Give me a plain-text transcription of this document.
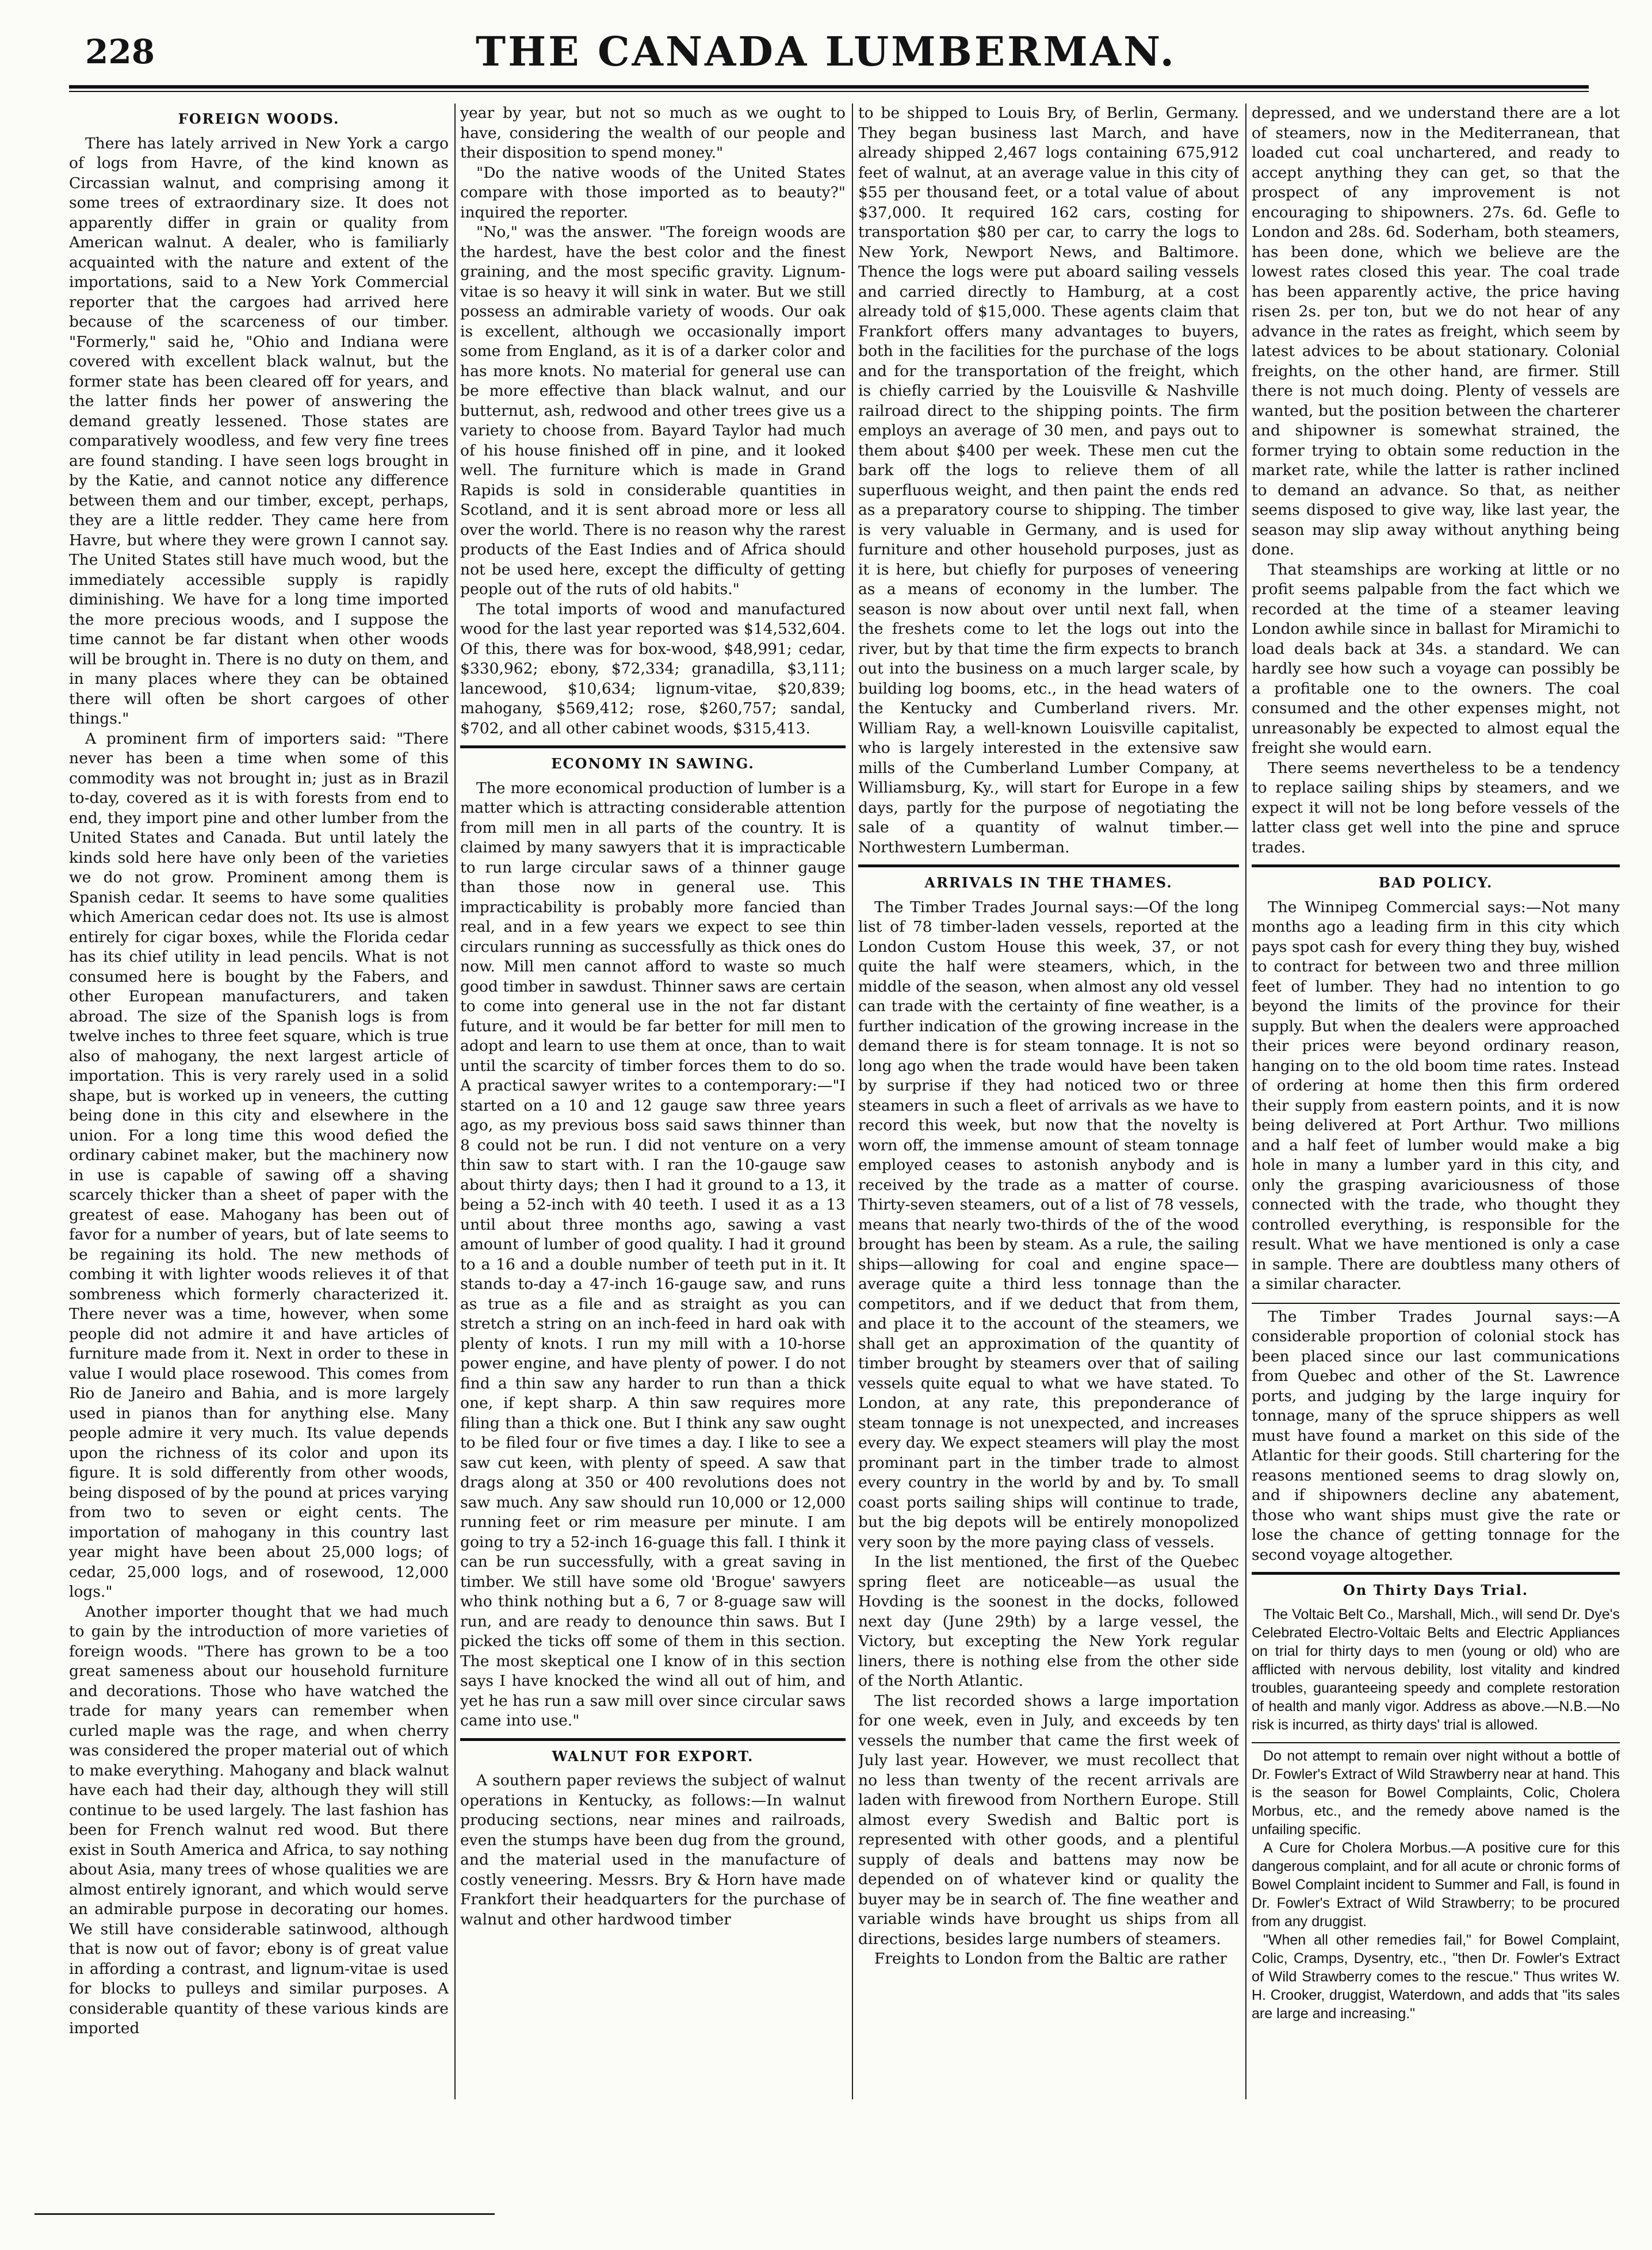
228	THE CANADA LUMBERMAN.
FOREIGN WOODS.

There has lately arrived in New York a cargo of logs from Havre, of the kind known as Circassian walnut, and comprising among it some trees of extraordinary size. It does not apparently differ in grain or quality from American walnut. A dealer, who is familiarly acquainted with the nature and extent of the importations, said to a New York Commercial reporter that the cargoes had arrived here because of the scarceness of our timber. "Formerly," said he, "Ohio and Indiana were covered with excellent black walnut, but the former state has been cleared off for years, and the latter finds her power of answering the demand greatly lessened. Those states are comparatively woodless, and few very fine trees are found standing. I have seen logs brought in by the Katie, and cannot notice any difference between them and our timber, except, perhaps, they are a little redder. They came here from Havre, but where they were grown I cannot say. The United States still have much wood, but the immediately accessible supply is rapidly diminishing. We have for a long time imported the more precious woods, and I suppose the time cannot be far distant when other woods will be brought in. There is no duty on them, and in many places where they can be obtained there will often be short cargoes of other things."

A prominent firm of importers said: "There never has been a time when some of this commodity was not brought in; just as in Brazil to-day, covered as it is with forests from end to end, they import pine and other lumber from the United States and Canada. But until lately the kinds sold here have only been of the varieties we do not grow. Prominent among them is Spanish cedar. It seems to have some qualities which American cedar does not. Its use is almost entirely for cigar boxes, while the Florida cedar has its chief utility in lead pencils. What is not consumed here is bought by the Fabers, and other European manufacturers, and taken abroad. The size of the Spanish logs is from twelve inches to three feet square, which is true also of mahogany, the next largest article of importation. This is very rarely used in a solid shape, but is worked up in veneers, the cutting being done in this city and elsewhere in the union. For a long time this wood defied the ordinary cabinet maker, but the machinery now in use is capable of sawing off a shaving scarcely thicker than a sheet of paper with the greatest of ease. Mahogany has been out of favor for a number of years, but of late seems to be regaining its hold. The new methods of combing it with lighter woods relieves it of that sombreness which formerly characterized it. There never was a time, however, when some people did not admire it and have articles of furniture made from it. Next in order to these in value I would place rosewood. This comes from Rio de Janeiro and Bahia, and is more largely used in pianos than for anything else. Many people admire it very much. Its value depends upon the richness of its color and upon its figure. It is sold differently from other woods, being disposed of by the pound at prices varying from two to seven or eight cents. The importation of mahogany in this country last year might have been about 25,000 logs; of cedar, 25,000 logs, and of rosewood, 12,000 logs."

Another importer thought that we had much to gain by the introduction of more varieties of foreign woods. "There has grown to be a too great sameness about our household furniture and decorations. Those who have watched the trade for many years can remember when curled maple was the rage, and when cherry was considered the proper material out of which to make everything. Mahogany and black walnut have each had their day, although they will still continue to be used largely. The last fashion has been for French walnut red wood. But there exist in South America and Africa, to say nothing about Asia, many trees of whose qualities we are almost entirely ignorant, and which would serve an admirable purpose in decorating our homes. We still have considerable satinwood, although that is now out of favor; ebony is of great value in affording a contrast, and lignum-vitae is used for blocks to pulleys and similar purposes. A considerable quantity of these various kinds are imported

year by year, but not so much as we ought to have, considering the wealth of our people and their disposition to spend money."

"Do the native woods of the United States compare with those imported as to beauty?" inquired the reporter.

"No," was the answer. "The foreign woods are the hardest, have the best color and the finest graining, and the most specific gravity. Lignum-vitae is so heavy it will sink in water. But we still possess an admirable variety of woods. Our oak is excellent, although we occasionally import some from England, as it is of a darker color and has more knots. No material for general use can be more effective than black walnut, and our butternut, ash, redwood and other trees give us a variety to choose from. Bayard Taylor had much of his house finished off in pine, and it looked well. The furniture which is made in Grand Rapids is sold in considerable quantities in Scotland, and it is sent abroad more or less all over the world. There is no reason why the rarest products of the East Indies and of Africa should not be used here, except the difficulty of getting people out of the ruts of old habits."

The total imports of wood and manufactured wood for the last year reported was $14,532,604. Of this, there was for box-wood, $48,991; cedar, $330,962; ebony, $72,334; granadilla, $3,111; lancewood, $10,634; lignum-vitae, $20,839; mahogany, $569,412; rose, $260,757; sandal, $702, and all other cabinet woods, $315,413.

ECONOMY IN SAWING.

The more economical production of lumber is a matter which is attracting considerable attention from mill men in all parts of the country. It is claimed by many sawyers that it is impracticable to run large circular saws of a thinner gauge than those now in general use. This impracticability is probably more fancied than real, and in a few years we expect to see thin circulars running as successfully as thick ones do now. Mill men cannot afford to waste so much good timber in sawdust. Thinner saws are certain to come into general use in the not far distant future, and it would be far better for mill men to adopt and learn to use them at once, than to wait until the scarcity of timber forces them to do so. A practical sawyer writes to a contemporary:—"I started on a 10 and 12 gauge saw three years ago, as my previous boss said saws thinner than 8 could not be run. I did not venture on a very thin saw to start with. I ran the 10-gauge saw about thirty days; then I had it ground to a 13, it being a 52-inch with 40 teeth. I used it as a 13 until about three months ago, sawing a vast amount of lumber of good quality. I had it ground to a 16 and a double number of teeth put in it. It stands to-day a 47-inch 16-gauge saw, and runs as true as a file and as straight as you can stretch a string on an inch-feed in hard oak with plenty of knots. I run my mill with a 10-horse power engine, and have plenty of power. I do not find a thin saw any harder to run than a thick one, if kept sharp. A thin saw requires more filing than a thick one. But I think any saw ought to be filed four or five times a day. I like to see a saw cut keen, with plenty of speed. A saw that drags along at 350 or 400 revolutions does not saw much. Any saw should run 10,000 or 12,000 running feet or rim measure per minute. I am going to try a 52-inch 16-guage this fall. I think it can be run successfully, with a great saving in timber. We still have some old 'Brogue' sawyers who think nothing but a 6, 7 or 8-guage saw will run, and are ready to denounce thin saws. But I picked the ticks off some of them in this section. The most skeptical one I know of in this section says I have knocked the wind all out of him, and yet he has run a saw mill over since circular saws came into use."

WALNUT FOR EXPORT.

A southern paper reviews the subject of walnut operations in Kentucky, as follows:—In walnut producing sections, near mines and railroads, even the stumps have been dug from the ground, and the material used in the manufacture of costly veneering. Messrs. Bry & Horn have made Frankfort their headquarters for the purchase of walnut and other hardwood timber

to be shipped to Louis Bry, of Berlin, Germany. They began business last March, and have already shipped 2,467 logs containing 675,912 feet of walnut, at an average value in this city of $55 per thousand feet, or a total value of about $37,000. It required 162 cars, costing for transportation $80 per car, to carry the logs to New York, Newport News, and Baltimore. Thence the logs were put aboard sailing vessels and carried directly to Hamburg, at a cost already told of $15,000. These agents claim that Frankfort offers many advantages to buyers, both in the facilities for the purchase of the logs and for the transportation of the freight, which is chiefly carried by the Louisville & Nashville railroad direct to the shipping points. The firm employs an average of 30 men, and pays out to them about $400 per week. These men cut the bark off the logs to relieve them of all superfluous weight, and then paint the ends red as a preparatory course to shipping. The timber is very valuable in Germany, and is used for furniture and other household purposes, just as it is here, but chiefly for purposes of veneering as a means of economy in the lumber. The season is now about over until next fall, when the freshets come to let the logs out into the river, but by that time the firm expects to branch out into the business on a much larger scale, by building log booms, etc., in the head waters of the Kentucky and Cumberland rivers. Mr. William Ray, a well-known Louisville capitalist, who is largely interested in the extensive saw mills of the Cumberland Lumber Company, at Williamsburg, Ky., will start for Europe in a few days, partly for the purpose of negotiating the sale of a quantity of walnut timber.—Northwestern Lumberman.

ARRIVALS IN THE THAMES.

The Timber Trades Journal says:—Of the long list of 78 timber-laden vessels, reported at the London Custom House this week, 37, or not quite the half were steamers, which, in the middle of the season, when almost any old vessel can trade with the certainty of fine weather, is a further indication of the growing increase in the demand there is for steam tonnage. It is not so long ago when the trade would have been taken by surprise if they had noticed two or three steamers in such a fleet of arrivals as we have to record this week, but now that the novelty is worn off, the immense amount of steam tonnage employed ceases to astonish anybody and is received by the trade as a matter of course. Thirty-seven steamers, out of a list of 78 vessels, means that nearly two-thirds of the of the wood brought has been by steam. As a rule, the sailing ships—allowing for coal and engine space—average quite a third less tonnage than the competitors, and if we deduct that from them, and place it to the account of the steamers, we shall get an approximation of the quantity of timber brought by steamers over that of sailing vessels quite equal to what we have stated. To London, at any rate, this preponderance of steam tonnage is not unexpected, and increases every day. We expect steamers will play the most prominant part in the timber trade to almost every country in the world by and by. To small coast ports sailing ships will continue to trade, but the big depots will be entirely monopolized very soon by the more paying class of vessels.

In the list mentioned, the first of the Quebec spring fleet are noticeable—as usual the Hovding is the soonest in the docks, followed next day (June 29th) by a large vessel, the Victory, but excepting the New York regular liners, there is nothing else from the other side of the North Atlantic.

The list recorded shows a large importation for one week, even in July, and exceeds by ten vessels the number that came the first week of July last year. However, we must recollect that no less than twenty of the recent arrivals are laden with firewood from Northern Europe. Still almost every Swedish and Baltic port is represented with other goods, and a plentiful supply of deals and battens may now be depended on of whatever kind or quality the buyer may be in search of. The fine weather and variable winds have brought us ships from all directions, besides large numbers of steamers.

Freights to London from the Baltic are rather

depressed, and we understand there are a lot of steamers, now in the Mediterranean, that loaded cut coal unchartered, and ready to accept anything they can get, so that the prospect of any improvement is not encouraging to shipowners. 27s. 6d. Gefle to London and 28s. 6d. Soderham, both steamers, has been done, which we believe are the lowest rates closed this year. The coal trade has been apparently active, the price having risen 2s. per ton, but we do not hear of any advance in the rates as freight, which seem by latest advices to be about stationary. Colonial freights, on the other hand, are firmer. Still there is not much doing. Plenty of vessels are wanted, but the position between the charterer and shipowner is somewhat strained, the former trying to obtain some reduction in the market rate, while the latter is rather inclined to demand an advance. So that, as neither seems disposed to give way, like last year, the season may slip away without anything being done.

That steamships are working at little or no profit seems palpable from the fact which we recorded at the time of a steamer leaving London awhile since in ballast for Miramichi to load deals back at 34s. a standard. We can hardly see how such a voyage can possibly be a profitable one to the owners. The coal consumed and the other expenses might, not unreasonably be expected to almost equal the freight she would earn.

There seems nevertheless to be a tendency to replace sailing ships by steamers, and we expect it will not be long before vessels of the latter class get well into the pine and spruce trades.

BAD POLICY.

The Winnipeg Commercial says:—Not many months ago a leading firm in this city which pays spot cash for every thing they buy, wished to contract for between two and three million feet of lumber. They had no intention to go beyond the limits of the province for their supply. But when the dealers were approached their prices were beyond ordinary reason, hanging on to the old boom time rates. Instead of ordering at home then this firm ordered their supply from eastern points, and it is now being delivered at Port Arthur. Two millions and a half feet of lumber would make a big hole in many a lumber yard in this city, and only the grasping avariciousness of those connected with the trade, who thought they controlled everything, is responsible for the result. What we have mentioned is only a case in sample. There are doubtless many others of a similar character.

The Timber Trades Journal says:—A considerable proportion of colonial stock has been placed since our last communications from Quebec and other of the St. Lawrence ports, and judging by the large inquiry for tonnage, many of the spruce shippers as well must have found a market on this side of the Atlantic for their goods. Still chartering for the reasons mentioned seems to drag slowly on, and if shipowners decline any abatement, those who want ships must give the rate or lose the chance of getting tonnage for the second voyage altogether.

On Thirty Days Trial.

The Voltaic Belt Co., Marshall, Mich., will send Dr. Dye's Celebrated Electro-Voltaic Belts and Electric Appliances on trial for thirty days to men (young or old) who are afflicted with nervous debility, lost vitality and kindred troubles, guaranteeing speedy and complete restoration of health and manly vigor. Address as above.—N.B.—No risk is incurred, as thirty days' trial is allowed.

Do not attempt to remain over night without a bottle of Dr. Fowler's Extract of Wild Strawberry near at hand. This is the season for Bowel Complaints, Colic, Cholera Morbus, etc., and the remedy above named is the unfailing specific.

A Cure for Cholera Morbus.—A positive cure for this dangerous complaint, and for all acute or chronic forms of Bowel Complaint incident to Summer and Fall, is found in Dr. Fowler's Extract of Wild Strawberry; to be procured from any druggist.

"When all other remedies fail," for Bowel Complaint, Colic, Cramps, Dysentry, etc., "then Dr. Fowler's Extract of Wild Strawberry comes to the rescue." Thus writes W. H. Crooker, druggist, Waterdown, and adds that "its sales are large and increasing."
